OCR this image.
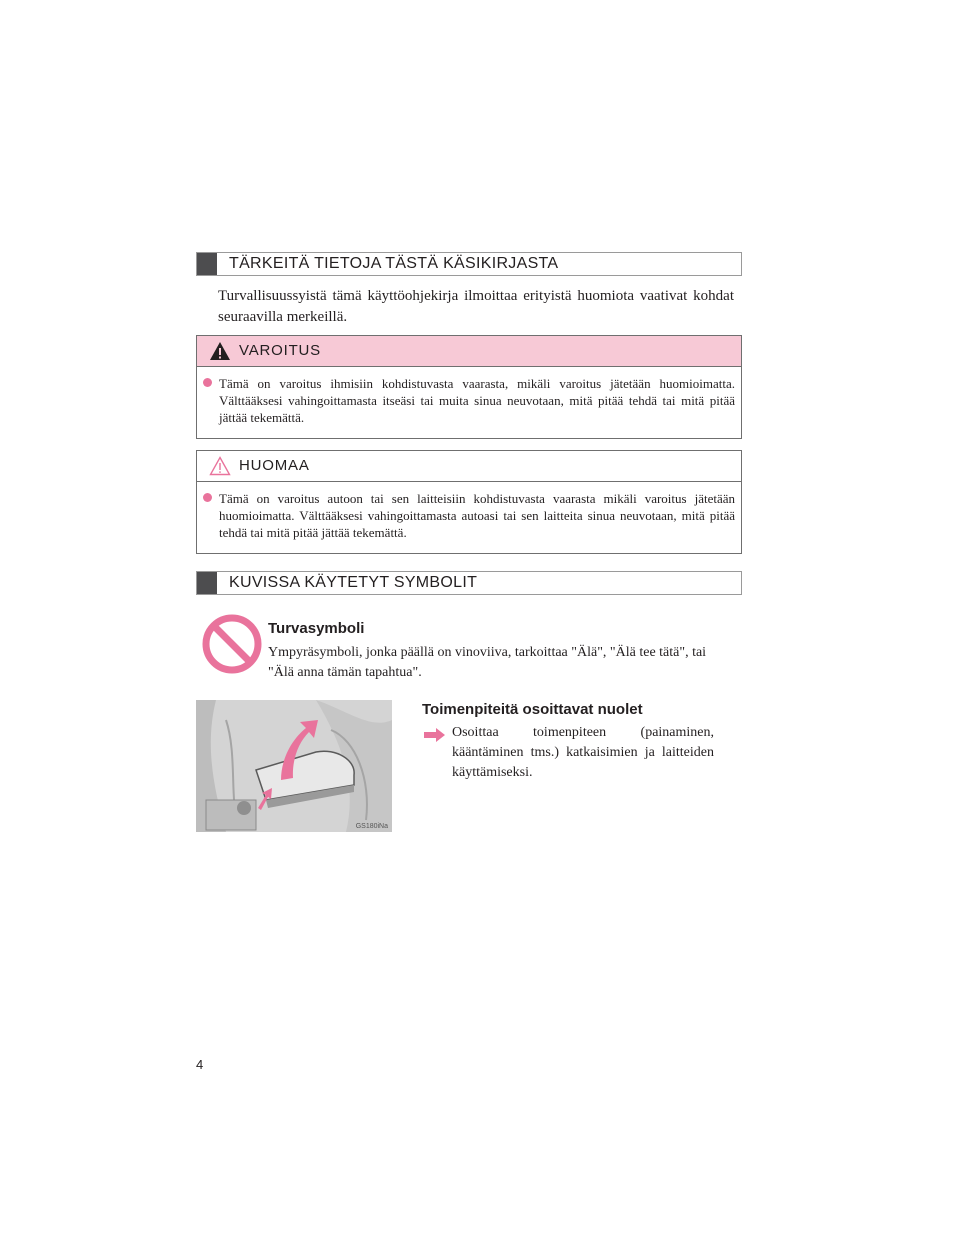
TÄRKEITÄ TIETOJA TÄSTÄ KÄSIKIRJASTA
Turvallisuussyistä tämä käyttöohjekirja ilmoittaa erityistä huomiota vaativat kohdat seuraavilla merkeillä.
VAROITUS
Tämä on varoitus ihmisiin kohdistuvasta vaarasta, mikäli varoitus jätetään huomioimatta. Välttääksesi vahingoittamasta itseäsi tai muita sinua neuvotaan, mitä pitää tehdä tai mitä pitää jättää tekemättä.
HUOMAA
Tämä on varoitus autoon tai sen laitteisiin kohdistuvasta vaarasta mikäli varoitus jätetään huomioimatta. Välttääksesi vahingoittamasta autoasi tai sen laitteita sinua neuvotaan, mitä pitää tehdä tai mitä pitää jättää tekemättä.
KUVISSA KÄYTETYT SYMBOLIT
Turvasymboli
Ympyräsymboli, jonka päällä on vinoviiva, tarkoittaa "Älä", "Älä tee tätä", tai "Älä anna tämän tapahtua".
GS180iNa
Toimenpiteitä osoittavat nuolet
Osoittaa toimenpiteen (painaminen, kääntäminen tms.) katkaisimien ja laitteiden käyttämiseksi.
4
